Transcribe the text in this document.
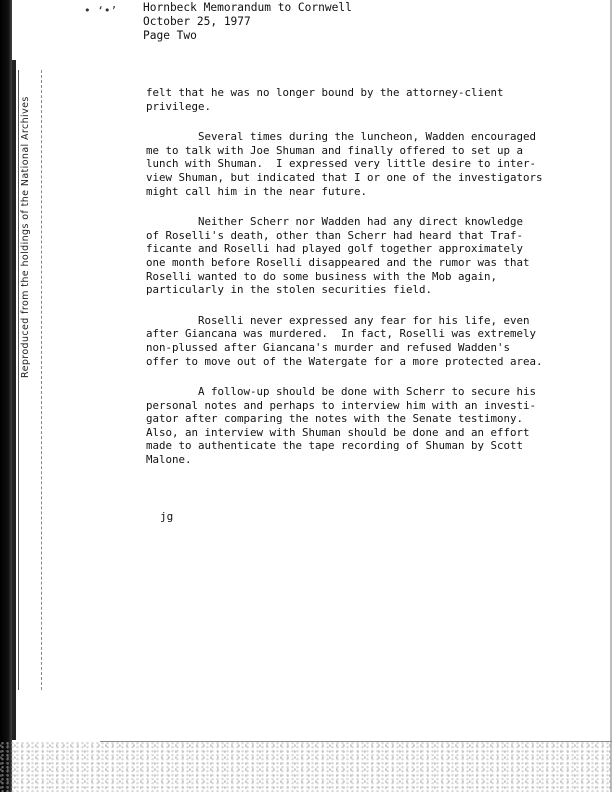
Reproduced from the holdings of the National Archives
• ‘•’ Hornbeck Memorandum to Cornwell
October 25, 1977
Page Two

felt that he was no longer bound by the attorney-client
privilege.

Several times during the luncheon, Wadden encouraged
me to talk with Joe Shuman and finally offered to set up a
lunch with Shuman.  I expressed very little desire to inter-
view Shuman, but indicated that I or one of the investigators
might call him in the near future.

Neither Scherr nor Wadden had any direct knowledge
of Roselli's death, other than Scherr had heard that Traf-
ficante and Roselli had played golf together approximately
one month before Roselli disappeared and the rumor was that
Roselli wanted to do some business with the Mob again,
particularly in the stolen securities field.

Roselli never expressed any fear for his life, even
after Giancana was murdered.  In fact, Roselli was extremely
non-plussed after Giancana's murder and refused Wadden's
offer to move out of the Watergate for a more protected area.

A follow-up should be done with Scherr to secure his
personal notes and perhaps to interview him with an investi-
gator after comparing the notes with the Senate testimony.
Also, an interview with Shuman should be done and an effort
made to authenticate the tape recording of Shuman by Scott
Malone.

jg
